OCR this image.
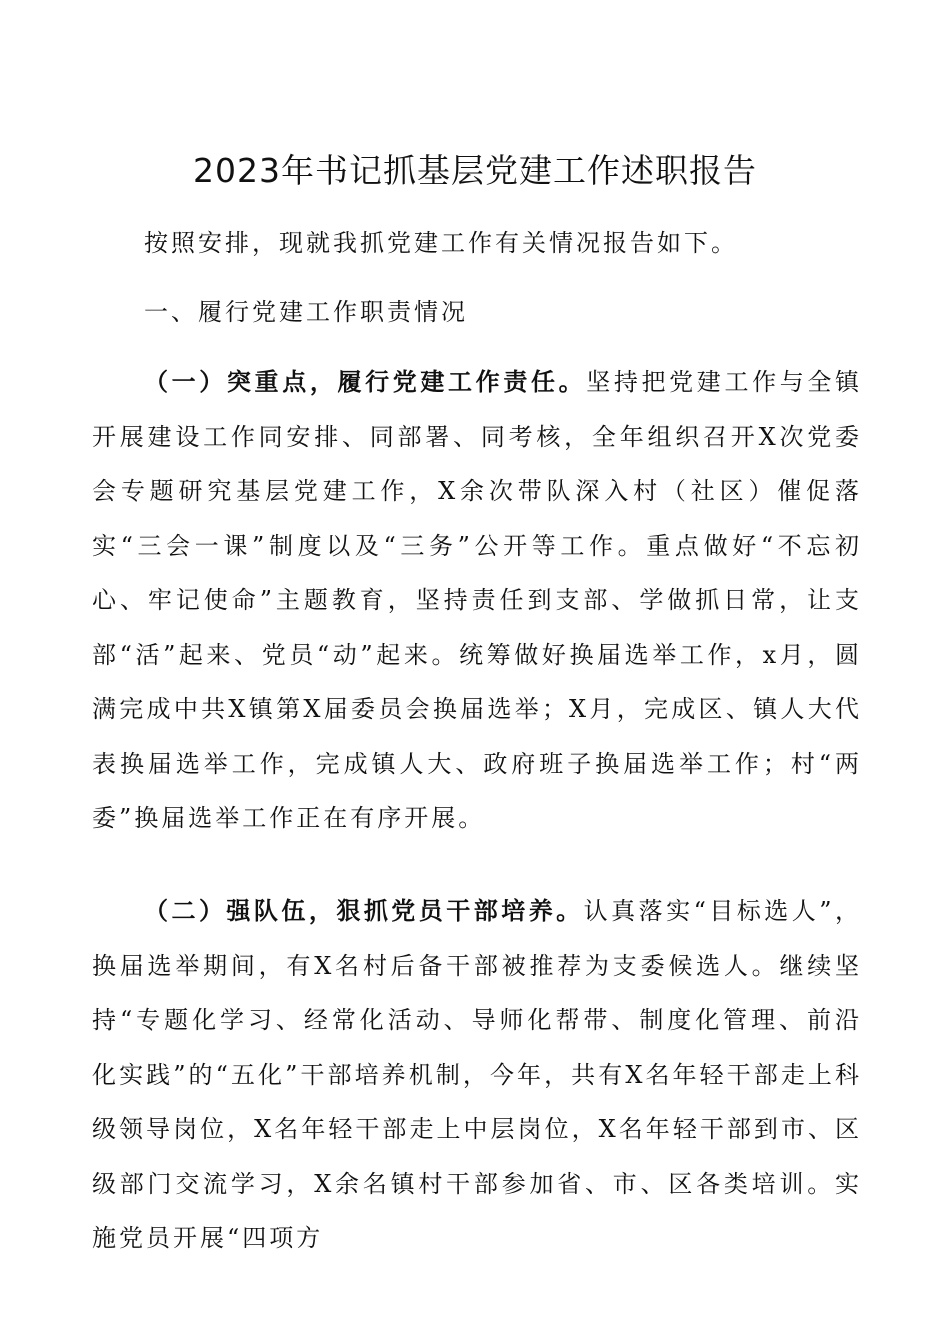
2023年书记抓基层党建工作述职报告

按照安排，现就我抓党建工作有关情况报告如下。

一、履行党建工作职责情况

（一）突重点，履行党建工作责任。坚持把党建工作与全镇开展建设工作同安排、同部署、同考核，全年组织召开X次党委会专题研究基层党建工作，X余次带队深入村（社区）催促落实“三会一课”制度以及“三务”公开等工作。重点做好“不忘初心、牢记使命”主题教育，坚持责任到支部、学做抓日常，让支部“活”起来、党员“动”起来。统筹做好换届选举工作，x月，圆满完成中共X镇第X届委员会换届选举；X月，完成区、镇人大代表换届选举工作，完成镇人大、政府班子换届选举工作；村“两委”换届选举工作正在有序开展。

（二）强队伍，狠抓党员干部培养。认真落实“目标选人”，换届选举期间，有X名村后备干部被推荐为支委候选人。继续坚持“专题化学习、经常化活动、导师化帮带、制度化管理、前沿化实践”的“五化”干部培养机制，今年，共有X名年轻干部走上科级领导岗位，X名年轻干部走上中层岗位，X名年轻干部到市、区级部门交流学习，X余名镇村干部参加省、市、区各类培训。实施党员开展“四项方
